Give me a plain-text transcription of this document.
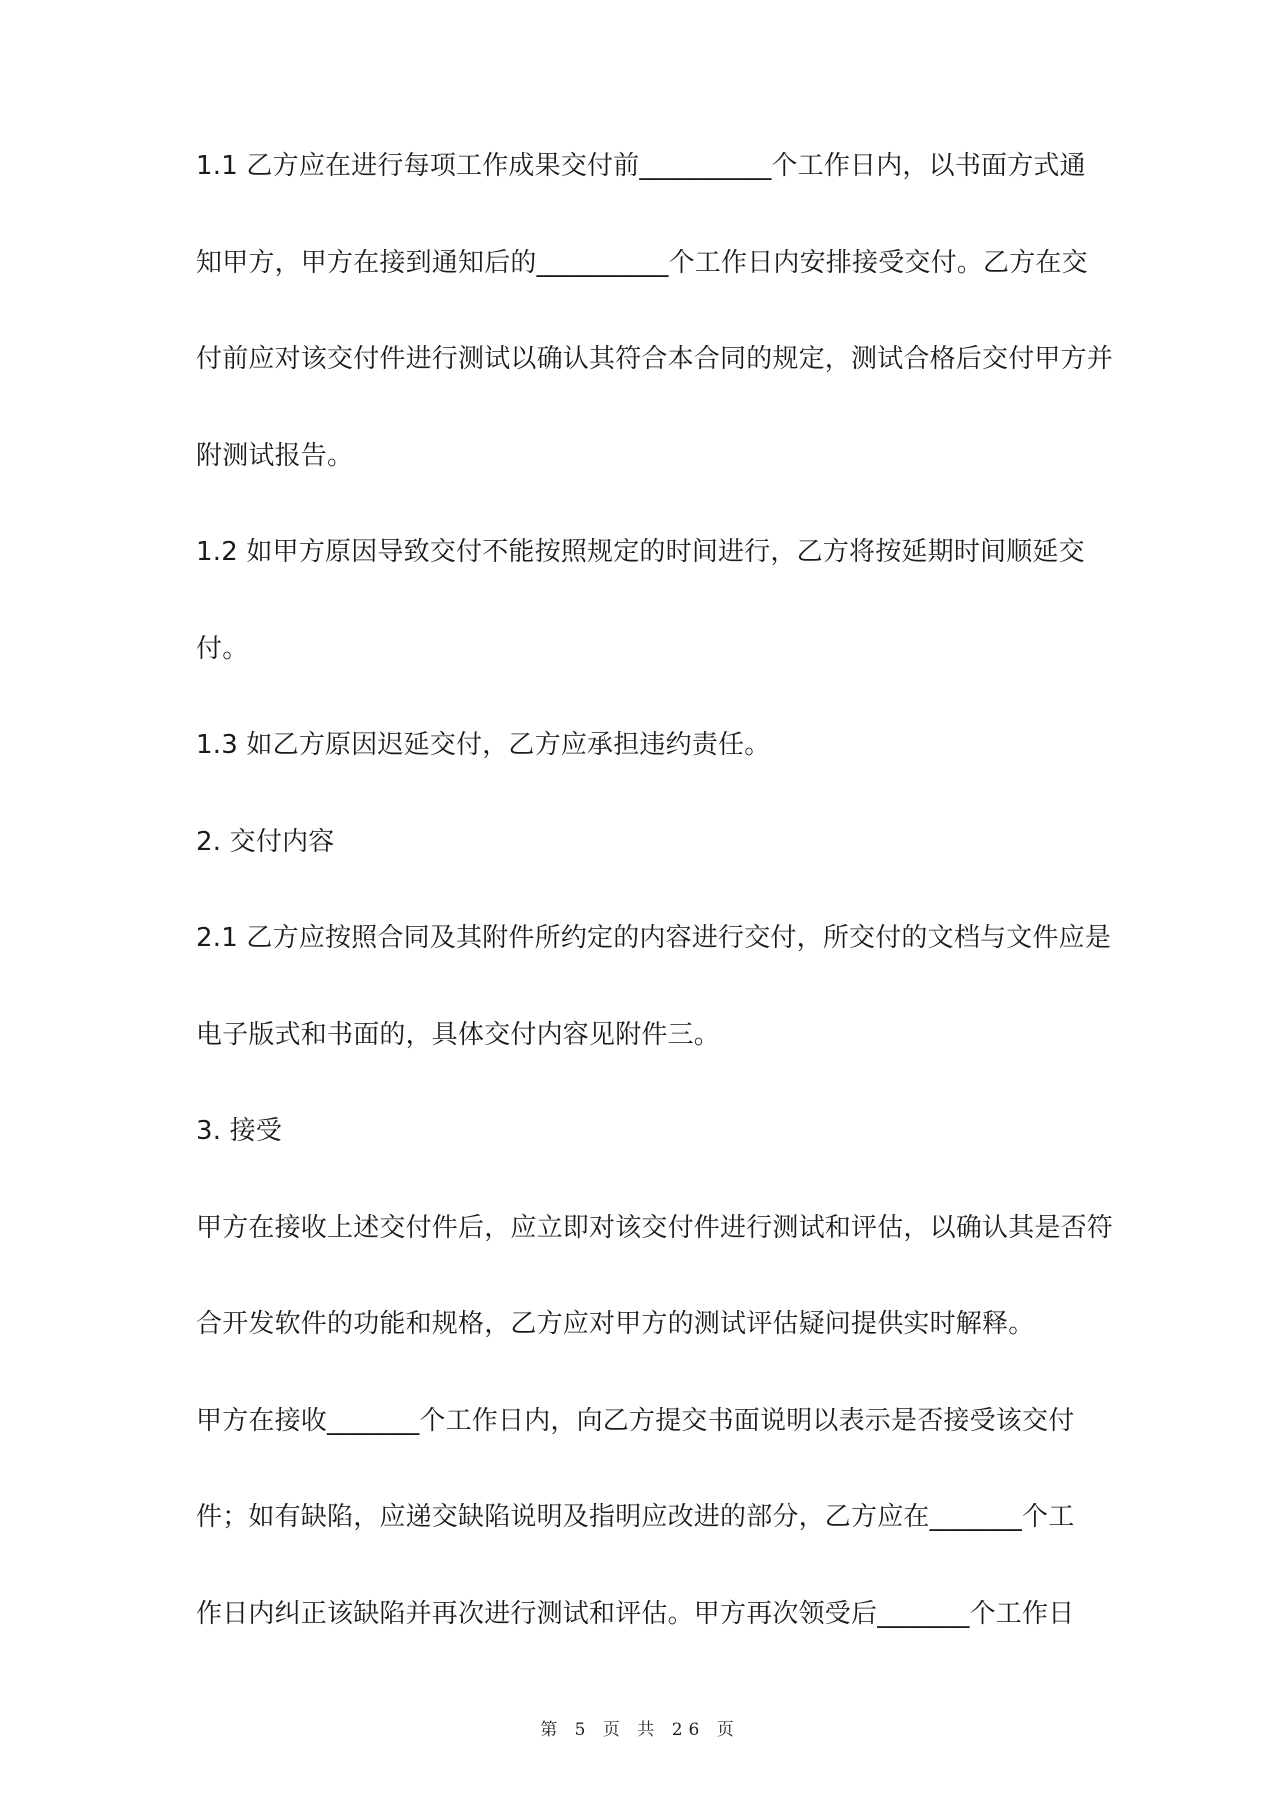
1.1 乙方应在进行每项工作成果交付前__________个工作日内，以书面方式通
知甲方，甲方在接到通知后的__________个工作日内安排接受交付。乙方在交
付前应对该交付件进行测试以确认其符合本合同的规定，测试合格后交付甲方并
附测试报告。
1.2 如甲方原因导致交付不能按照规定的时间进行，乙方将按延期时间顺延交
付。
1.3 如乙方原因迟延交付，乙方应承担违约责任。
2. 交付内容
2.1 乙方应按照合同及其附件所约定的内容进行交付，所交付的文档与文件应是
电子版式和书面的，具体交付内容见附件三。
3. 接受
甲方在接收上述交付件后，应立即对该交付件进行测试和评估，以确认其是否符
合开发软件的功能和规格，乙方应对甲方的测试评估疑问提供实时解释。
甲方在接收_______个工作日内，向乙方提交书面说明以表示是否接受该交付
件；如有缺陷，应递交缺陷说明及指明应改进的部分，乙方应在_______个工
作日内纠正该缺陷并再次进行测试和评估。甲方再次领受后_______个工作日
第 5 页 共 26 页
